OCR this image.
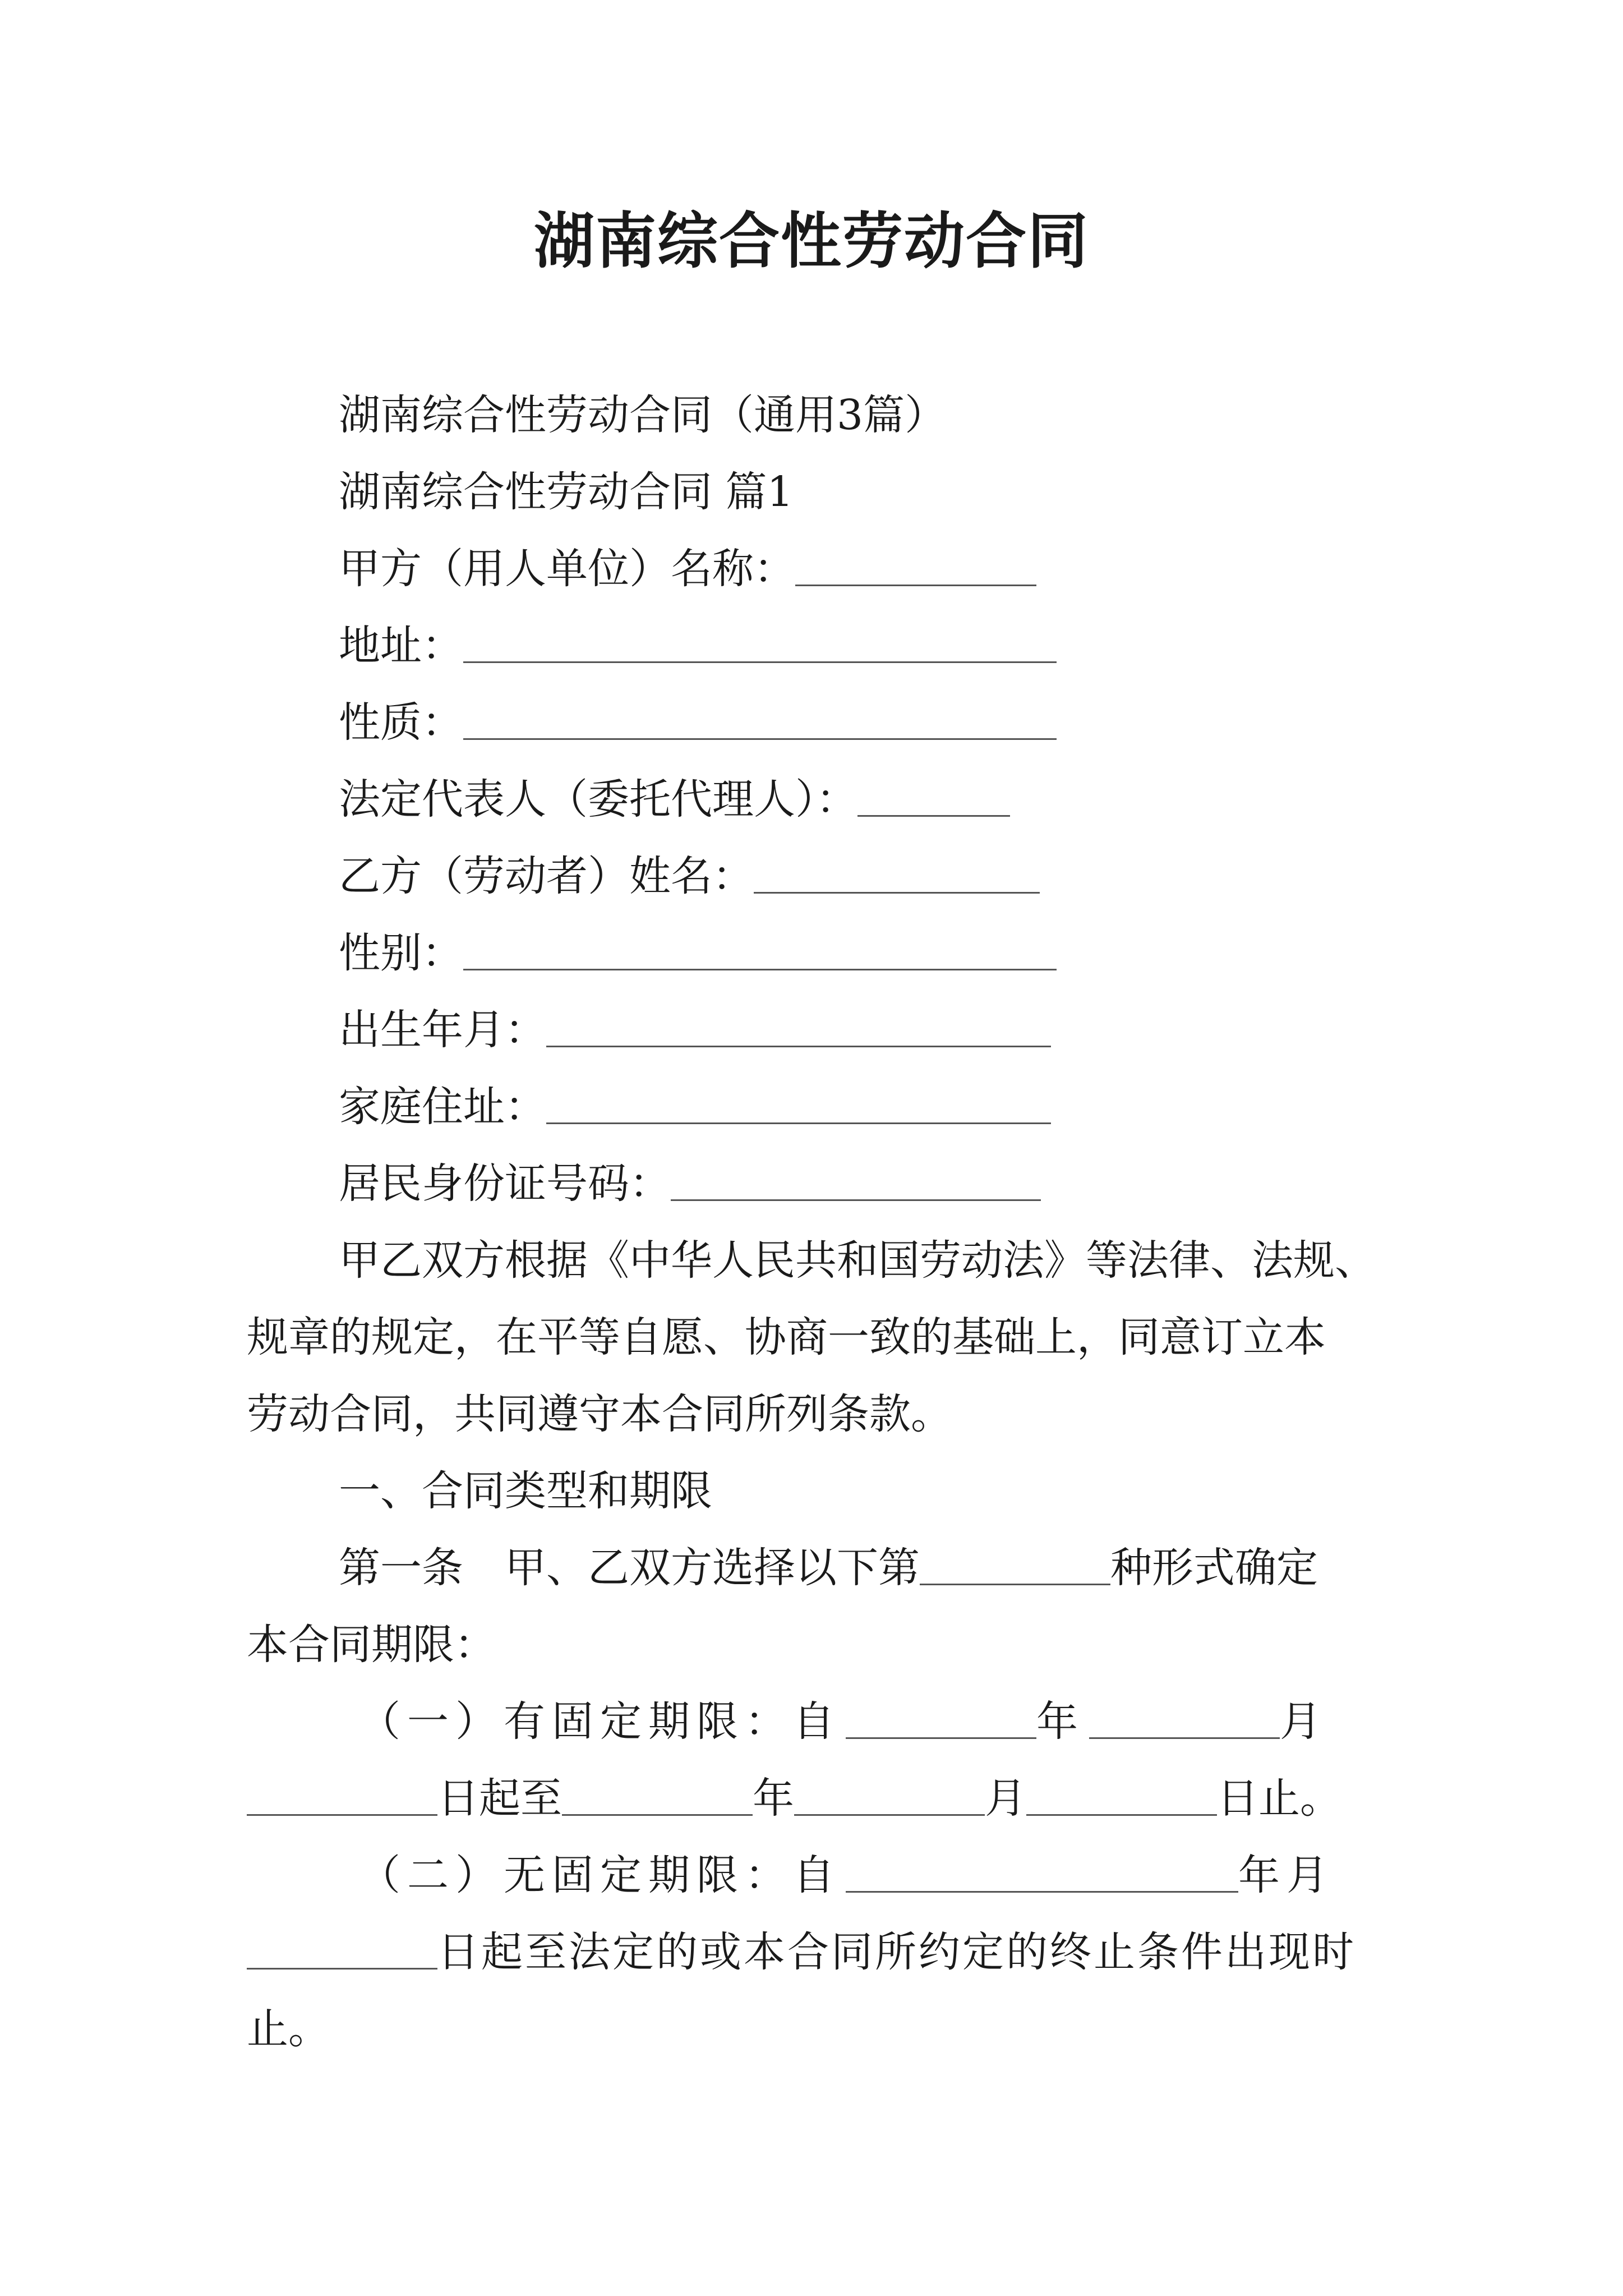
湖南综合性劳动合同
湖南综合性劳动合同（通用3篇）
湖南综合性劳动合同 篇1
甲方（用人单位）名称：
地址：
性质：
法定代表人（委托代理人）：
乙方（劳动者）姓名：
性别：
出生年月：
家庭住址：
居民身份证号码：
甲乙双方根据《中华人民共和国劳动法》等法律、法规、
规章的规定，在平等自愿、协商一致的基础上，同意订立本
劳动合同，共同遵守本合同所列条款。
一、合同类型和期限
第一条　甲、乙双方选择以下第	种形式确定
本合同期限：
（一）有固定期限：自	年	月
日起至	年	月	日止。
（二）无固定期限：自	年月
日起至法定的或本合同所约定的终止条件出现时
止。
